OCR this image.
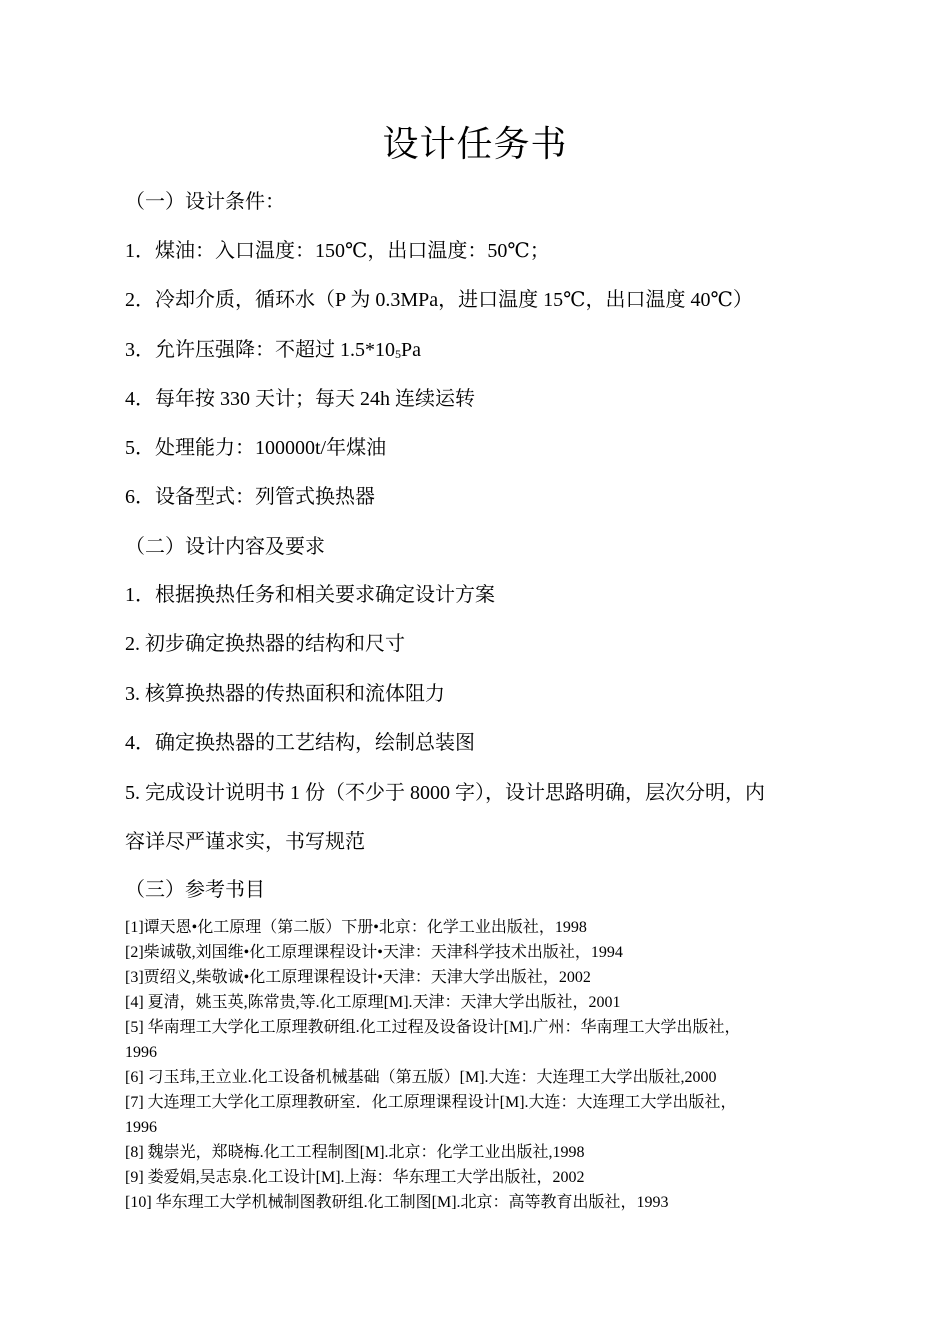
设计任务书
（一）设计条件：
1．煤油：入口温度：150℃，出口温度：50℃；
2．冷却介质，循环水（P 为 0.3MPa，进口温度 15℃，出口温度 40℃）
3．允许压强降：不超过 $1.5*10_5Pa$
4．每年按 330 天计；每天 24h 连续运转
5．处理能力：100000t/年煤油
6．设备型式：列管式换热器
（二）设计内容及要求
1．根据换热任务和相关要求确定设计方案
2. 初步确定换热器的结构和尺寸
3. 核算换热器的传热面积和流体阻力
4．确定换热器的工艺结构，绘制总装图
5. 完成设计说明书 1 份（不少于 8000 字），设计思路明确，层次分明，内
容详尽严谨求实，书写规范
（三）参考书目
[1]谭天恩•化工原理（第二版）下册•北京：化学工业出版社，1998
[2]柴诚敬,刘国维•化工原理课程设计•天津：天津科学技术出版社，1994
[3]贾绍义,柴敬诚•化工原理课程设计•天津：天津大学出版社，2002
[4] 夏清，姚玉英,陈常贵,等.化工原理[M].天津：天津大学出版社，2001
[5] 华南理工大学化工原理教研组.化工过程及设备设计[M].广州：华南理工大学出版社，
1996
[6] 刁玉玮,王立业.化工设备机械基础（第五版）[M].大连：大连理工大学出版社,2000
[7] 大连理工大学化工原理教研室．化工原理课程设计[M].大连：大连理工大学出版社，
1996
[8] 魏崇光，郑晓梅.化工工程制图[M].北京：化学工业出版社,1998
[9] 娄爱娟,吴志泉.化工设计[M].上海：华东理工大学出版社，2002
[10] 华东理工大学机械制图教研组.化工制图[M].北京：高等教育出版社，1993
